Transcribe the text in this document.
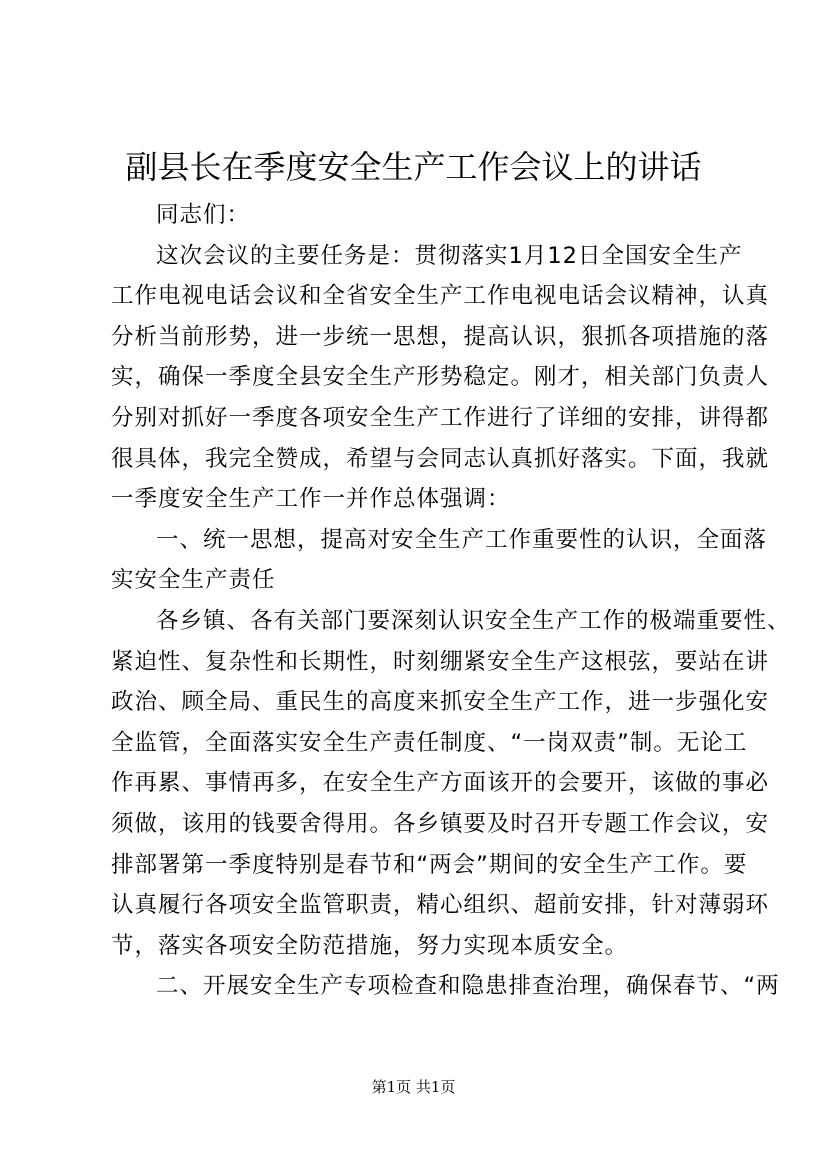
副县长在季度安全生产工作会议上的讲话
同志们：
这次会议的主要任务是：贯彻落实1月12日全国安全生产
工作电视电话会议和全省安全生产工作电视电话会议精神，认真
分析当前形势，进一步统一思想，提高认识，狠抓各项措施的落
实，确保一季度全县安全生产形势稳定。刚才，相关部门负责人
分别对抓好一季度各项安全生产工作进行了详细的安排，讲得都
很具体，我完全赞成，希望与会同志认真抓好落实。下面，我就
一季度安全生产工作一并作总体强调：
一、统一思想，提高对安全生产工作重要性的认识，全面落
实安全生产责任
各乡镇、各有关部门要深刻认识安全生产工作的极端重要性、
紧迫性、复杂性和长期性，时刻绷紧安全生产这根弦，要站在讲
政治、顾全局、重民生的高度来抓安全生产工作，进一步强化安
全监管，全面落实安全生产责任制度、“一岗双责”制。无论工
作再累、事情再多，在安全生产方面该开的会要开，该做的事必
须做，该用的钱要舍得用。各乡镇要及时召开专题工作会议，安
排部署第一季度特别是春节和“两会”期间的安全生产工作。要
认真履行各项安全监管职责，精心组织、超前安排，针对薄弱环
节，落实各项安全防范措施，努力实现本质安全。
二、开展安全生产专项检查和隐患排查治理，确保春节、“两
第1页 共1页
